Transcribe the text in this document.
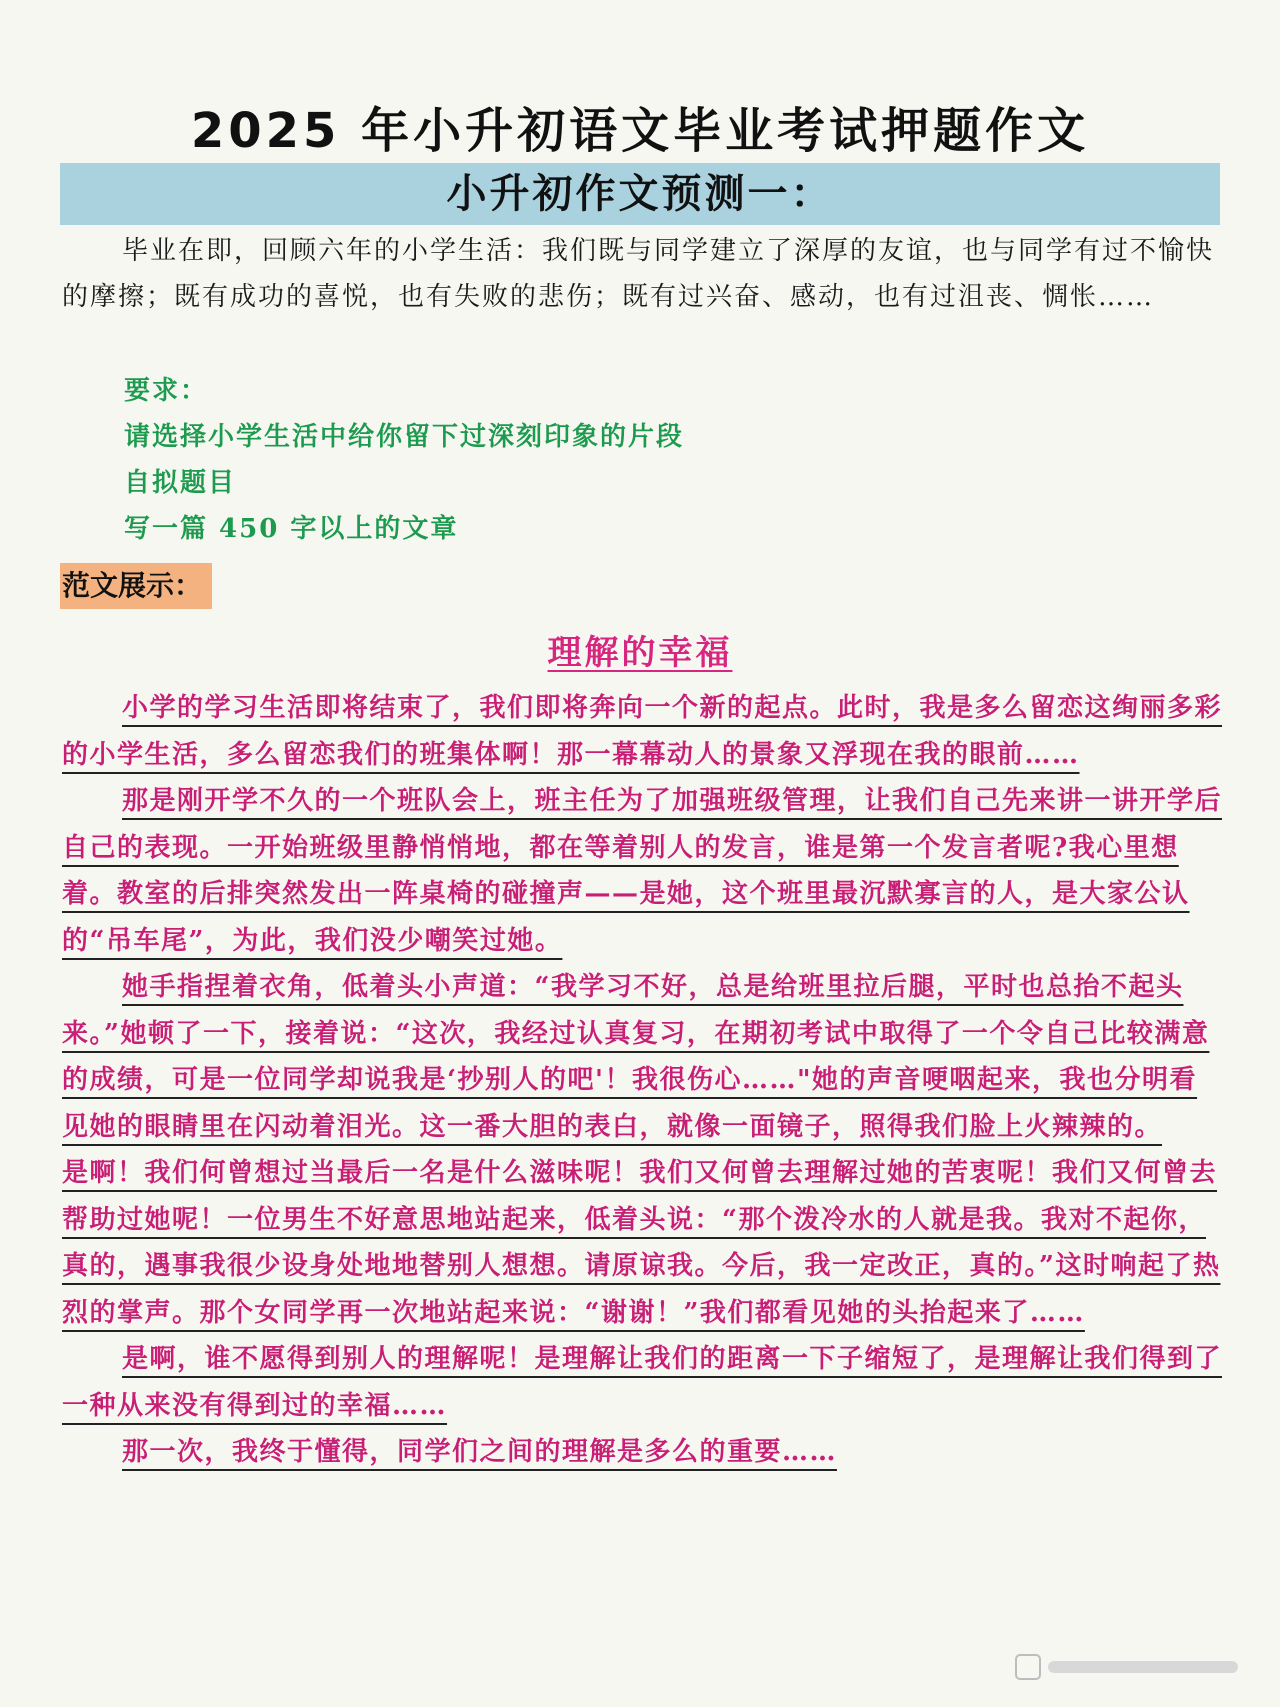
2025 年小升初语文毕业考试押题作文
小升初作文预测一：

毕业在即，回顾六年的小学生活：我们既与同学建立了深厚的友谊，也与同学有过不愉快的摩擦；既有成功的喜悦，也有失败的悲伤；既有过兴奋、感动，也有过沮丧、惆怅……

要求：
请选择小学生活中给你留下过深刻印象的片段
自拟题目
写一篇 450 字以上的文章
范文展示：
理解的幸福

小学的学习生活即将结束了，我们即将奔向一个新的起点。此时，我是多么留恋这绚丽多彩的小学生活，多么留恋我们的班集体啊！那一幕幕动人的景象又浮现在我的眼前……

那是刚开学不久的一个班队会上，班主任为了加强班级管理，让我们自己先来讲一讲开学后自己的表现。一开始班级里静悄悄地，都在等着别人的发言，谁是第一个发言者呢?我心里想着。教室的后排突然发出一阵桌椅的碰撞声——是她，这个班里最沉默寡言的人，是大家公认的“吊车尾”，为此，我们没少嘲笑过她。

她手指捏着衣角，低着头小声道：“我学习不好，总是给班里拉后腿，平时也总抬不起头来。”她顿了一下，接着说：“这次，我经过认真复习，在期初考试中取得了一个令自己比较满意的成绩，可是一位同学却说我是‘抄别人的吧'！我很伤心……"她的声音哽咽起来，我也分明看见她的眼睛里在闪动着泪光。这一番大胆的表白，就像一面镜子，照得我们脸上火辣辣的。

是啊！我们何曾想过当最后一名是什么滋味呢！我们又何曾去理解过她的苦衷呢！我们又何曾去帮助过她呢！一位男生不好意思地站起来，低着头说：“那个泼冷水的人就是我。我对不起你，真的，遇事我很少设身处地地替别人想想。请原谅我。今后，我一定改正，真的。”这时响起了热烈的掌声。那个女同学再一次地站起来说：“谢谢！”我们都看见她的头抬起来了……

是啊，谁不愿得到别人的理解呢！是理解让我们的距离一下子缩短了，是理解让我们得到了一种从来没有得到过的幸福……

那一次，我终于懂得，同学们之间的理解是多么的重要……
